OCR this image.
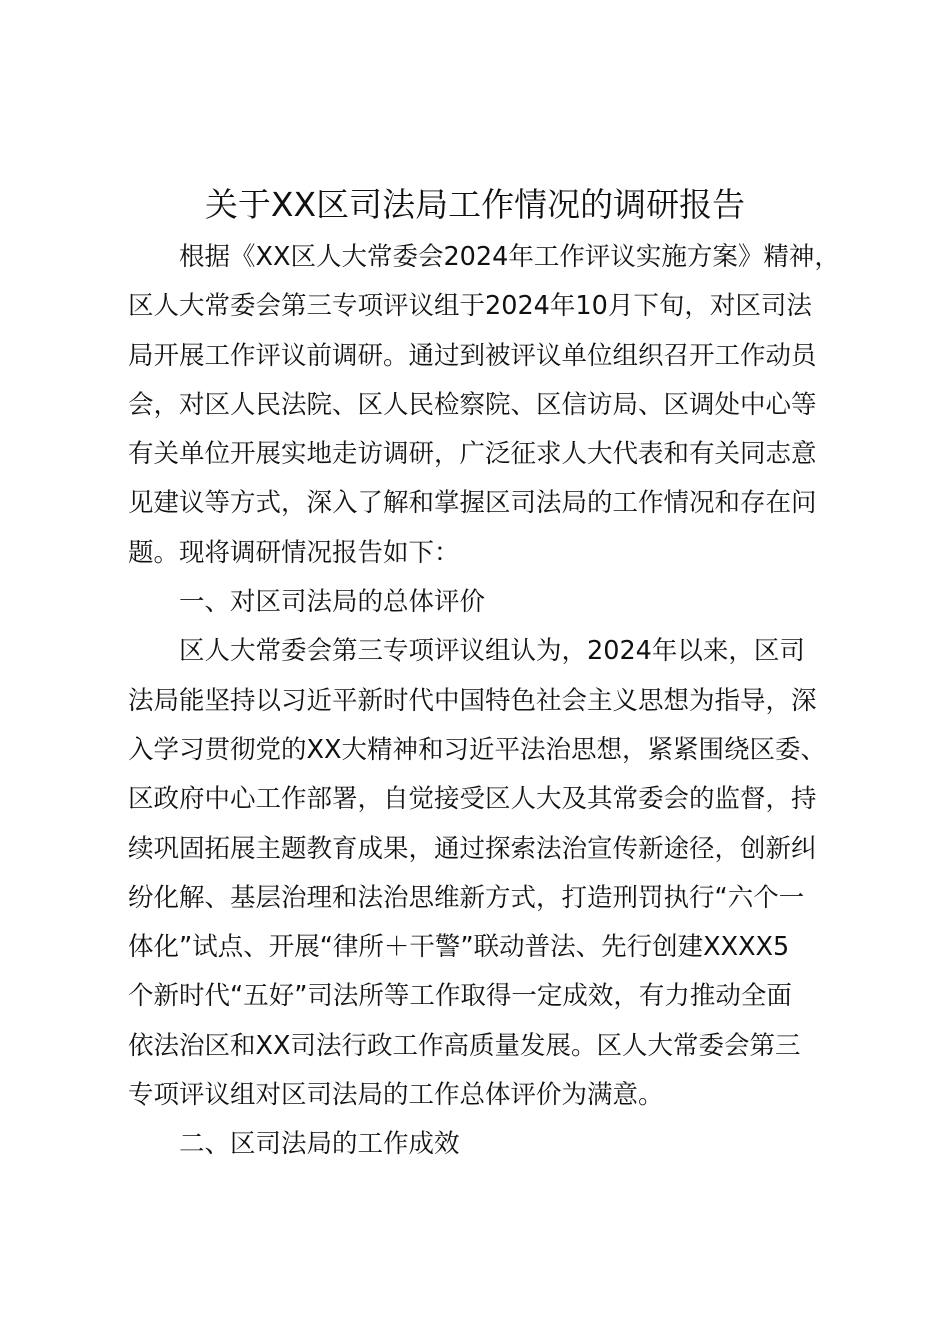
关于XX区司法局工作情况的调研报告

根据《XX区人大常委会2024年工作评议实施方案》精神，
区人大常委会第三专项评议组于2024年10月下旬，对区司法
局开展工作评议前调研。通过到被评议单位组织召开工作动员
会，对区人民法院、区人民检察院、区信访局、区调处中心等
有关单位开展实地走访调研，广泛征求人大代表和有关同志意
见建议等方式，深入了解和掌握区司法局的工作情况和存在问
题。现将调研情况报告如下：

一、对区司法局的总体评价

区人大常委会第三专项评议组认为，2024年以来，区司
法局能坚持以习近平新时代中国特色社会主义思想为指导，深
入学习贯彻党的XX大精神和习近平法治思想，紧紧围绕区委、
区政府中心工作部署，自觉接受区人大及其常委会的监督，持
续巩固拓展主题教育成果，通过探索法治宣传新途径，创新纠
纷化解、基层治理和法治思维新方式，打造刑罚执行“六个一
体化”试点、开展“律所＋干警”联动普法、先行创建XXXX5
个新时代“五好”司法所等工作取得一定成效，有力推动全面
依法治区和XX司法行政工作高质量发展。区人大常委会第三
专项评议组对区司法局的工作总体评价为满意。

二、区司法局的工作成效
